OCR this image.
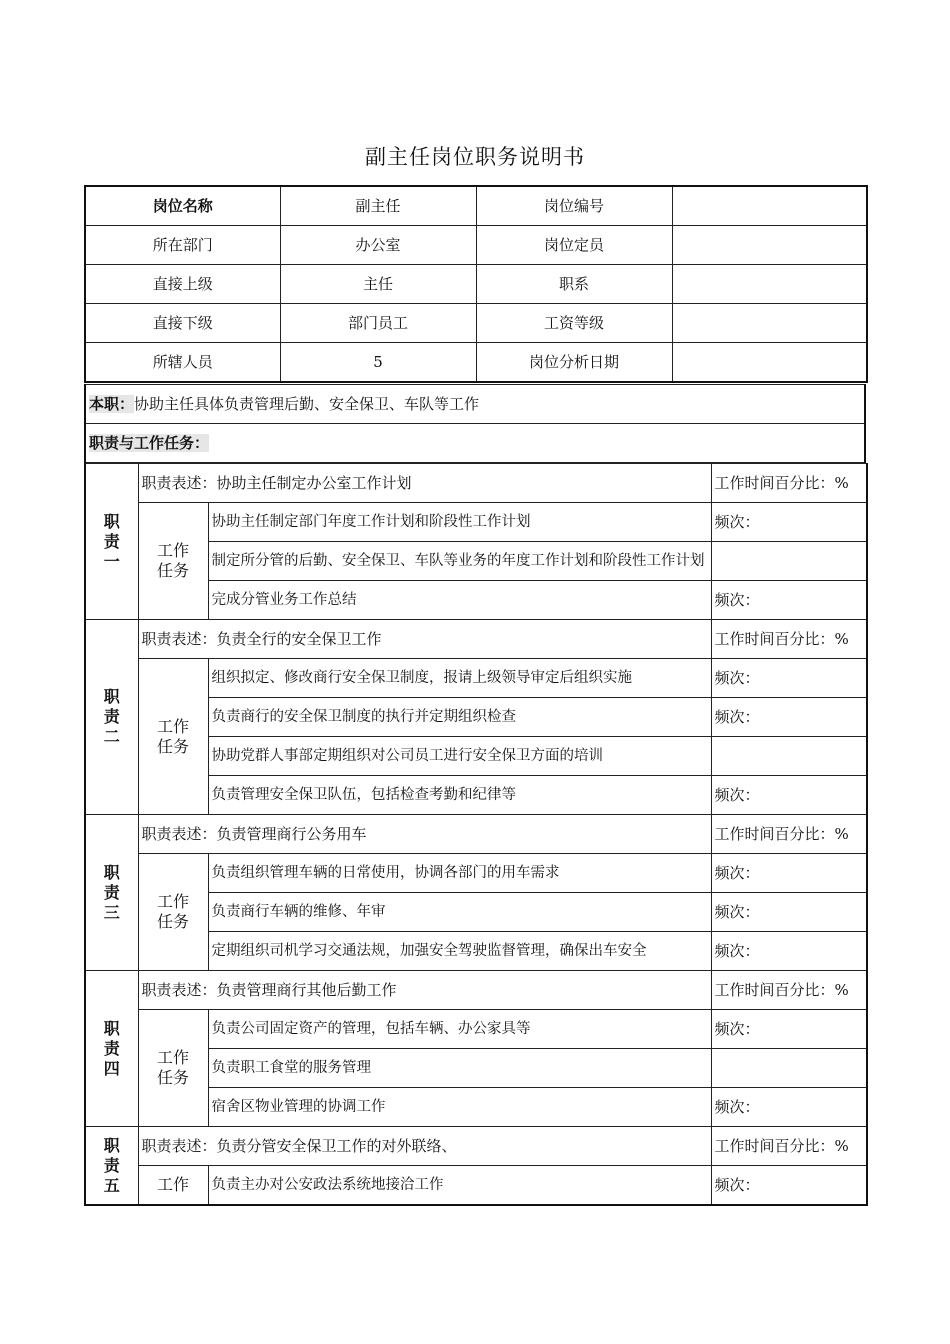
副主任岗位职务说明书
岗位名称	副主任	岗位编号	
所在部门	办公室	岗位定员	
直接上级	主任	职系	
直接下级	部门员工	工资等级	
所辖人员	5	岗位分析日期	
本职：协助主任具体负责管理后勤、安全保卫、车队等工作
职责与工作任务：
职责一	职责表述：协助主任制定办公室工作计划		工作时间百分比：%
	工作任务	协助主任制定部门年度工作计划和阶段性工作计划	频次：
		制定所分管的后勤、安全保卫、车队等业务的年度工作计划和阶段性工作计划	
		完成分管业务工作总结	频次：
职责二	职责表述：负责全行的安全保卫工作		工作时间百分比：%
	工作任务	组织拟定、修改商行安全保卫制度，报请上级领导审定后组织实施	频次：
		负责商行的安全保卫制度的执行并定期组织检查	频次：
		协助党群人事部定期组织对公司员工进行安全保卫方面的培训	
		负责管理安全保卫队伍，包括检查考勤和纪律等	频次：
职责三	职责表述：负责管理商行公务用车		工作时间百分比：%
	工作任务	负责组织管理车辆的日常使用，协调各部门的用车需求	频次：
		负责商行车辆的维修、年审	频次：
		定期组织司机学习交通法规，加强安全驾驶监督管理，确保出车安全	频次：
职责四	职责表述：负责管理商行其他后勤工作		工作时间百分比：%
	工作任务	负责公司固定资产的管理，包括车辆、办公家具等	频次：
		负责职工食堂的服务管理	
		宿舍区物业管理的协调工作	频次：
职责五	职责表述：负责分管安全保卫工作的对外联络、		工作时间百分比：%
	工作	负责主办对公安政法系统地接洽工作	频次：
